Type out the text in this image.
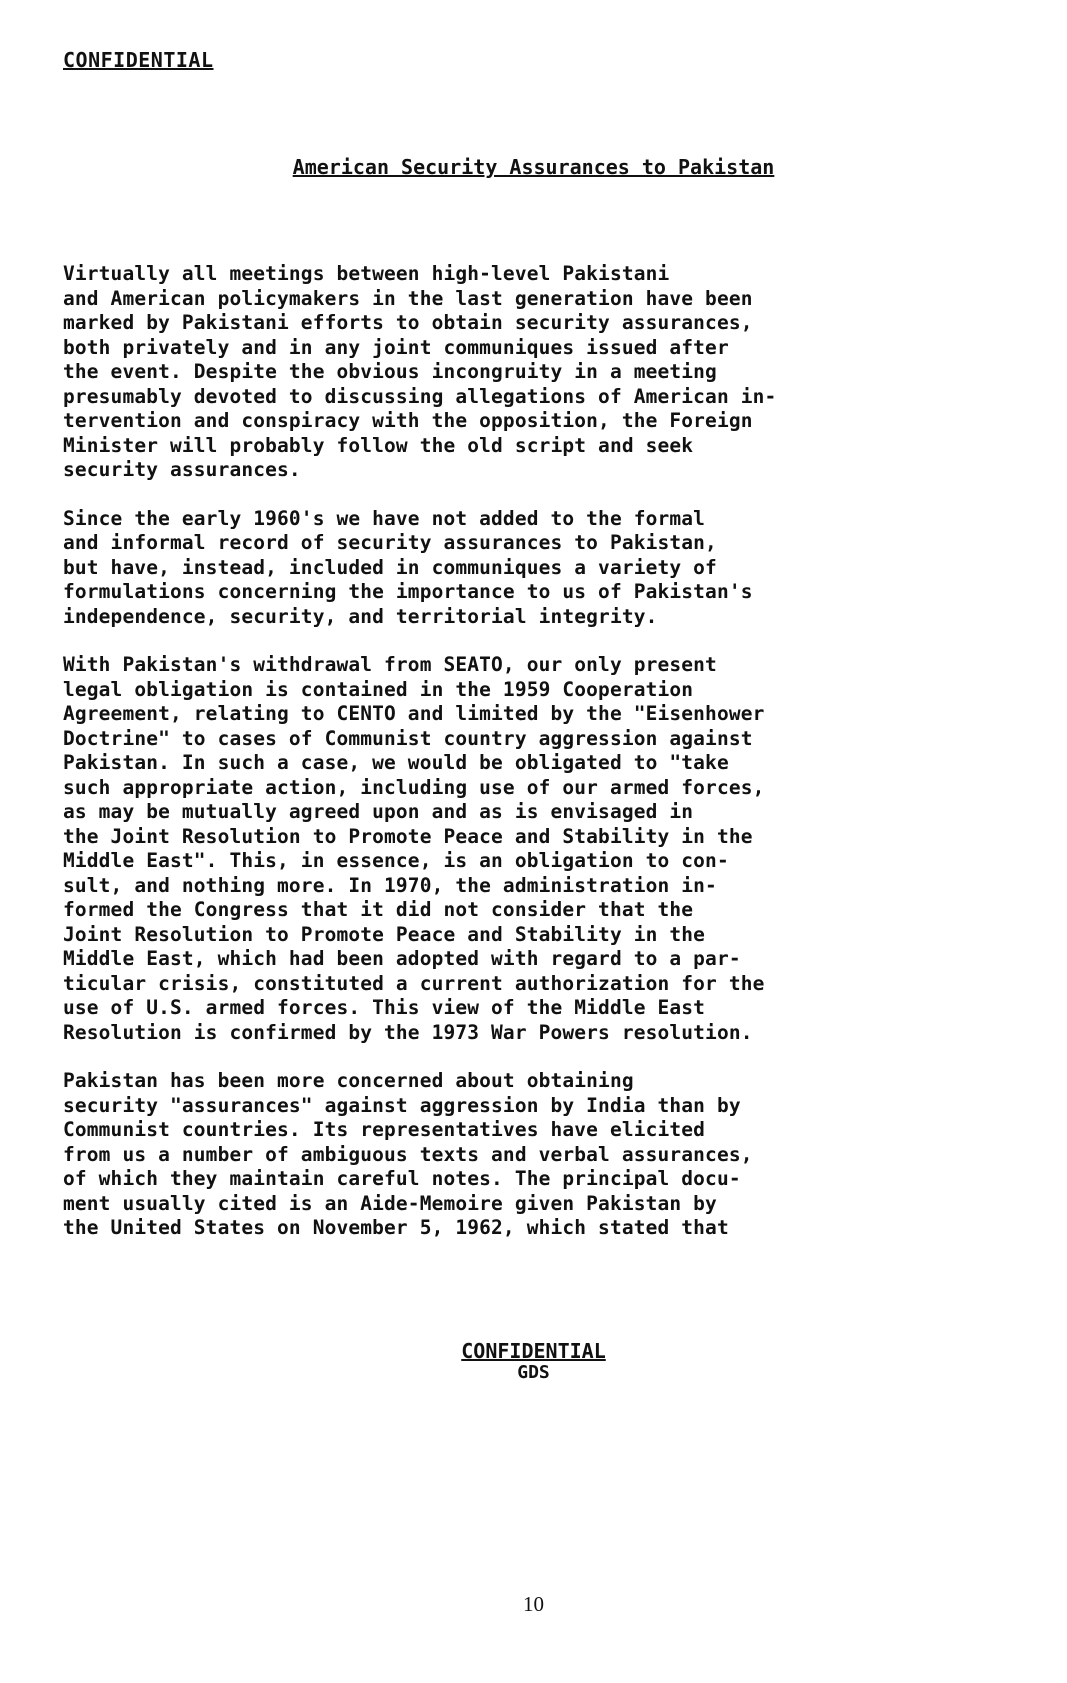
CONFIDENTIAL
American Security Assurances to Pakistan

Virtually all meetings between high-level Pakistani
and American policymakers in the last generation have been
marked by Pakistani efforts to obtain security assurances,
both privately and in any joint communiques issued after
the event. Despite the obvious incongruity in a meeting
presumably devoted to discussing allegations of American in-
tervention and conspiracy with the opposition, the Foreign
Minister will probably follow the old script and seek
security assurances.

Since the early 1960's we have not added to the formal
and informal record of security assurances to Pakistan,
but have, instead, included in communiques a variety of
formulations concerning the importance to us of Pakistan's
independence, security, and territorial integrity.

With Pakistan's withdrawal from SEATO, our only present
legal obligation is contained in the 1959 Cooperation
Agreement, relating to CENTO and limited by the "Eisenhower
Doctrine" to cases of Communist country aggression against
Pakistan. In such a case, we would be obligated to "take
such appropriate action, including use of our armed forces,
as may be mutually agreed upon and as is envisaged in
the Joint Resolution to Promote Peace and Stability in the
Middle East". This, in essence, is an obligation to con-
sult, and nothing more. In 1970, the administration in-
formed the Congress that it did not consider that the
Joint Resolution to Promote Peace and Stability in the
Middle East, which had been adopted with regard to a par-
ticular crisis, constituted a current authorization for the
use of U.S. armed forces. This view of the Middle East
Resolution is confirmed by the 1973 War Powers resolution.

Pakistan has been more concerned about obtaining
security "assurances" against aggression by India than by
Communist countries. Its representatives have elicited
from us a number of ambiguous texts and verbal assurances,
of which they maintain careful notes. The principal docu-
ment usually cited is an Aide-Memoire given Pakistan by
the United States on November 5, 1962, which stated that

CONFIDENTIAL
GDS
10
